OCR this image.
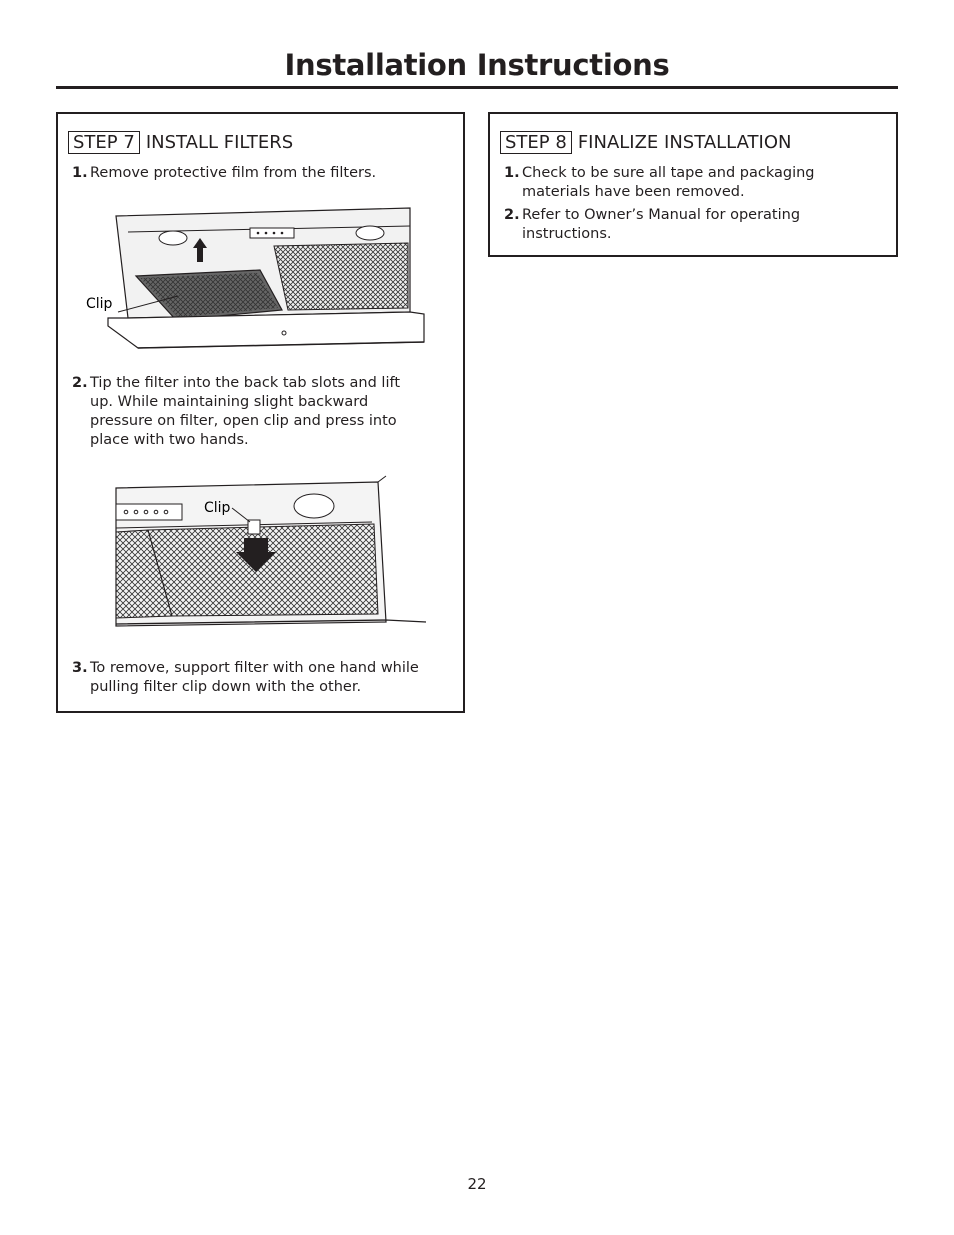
Installation Instructions
STEP 7 INSTALL FILTERS
1. Remove protective film from the filters.
Clip
2. Tip the filter into the back tab slots and lift up. While maintaining slight backward pressure on filter, open clip and press into place with two hands.
Clip
3. To remove, support filter with one hand while pulling filter clip down with the other.
STEP 8 FINALIZE INSTALLATION
1. Check to be sure all tape and packaging materials have been removed.
2. Refer to Owner’s Manual for operating instructions.
22
